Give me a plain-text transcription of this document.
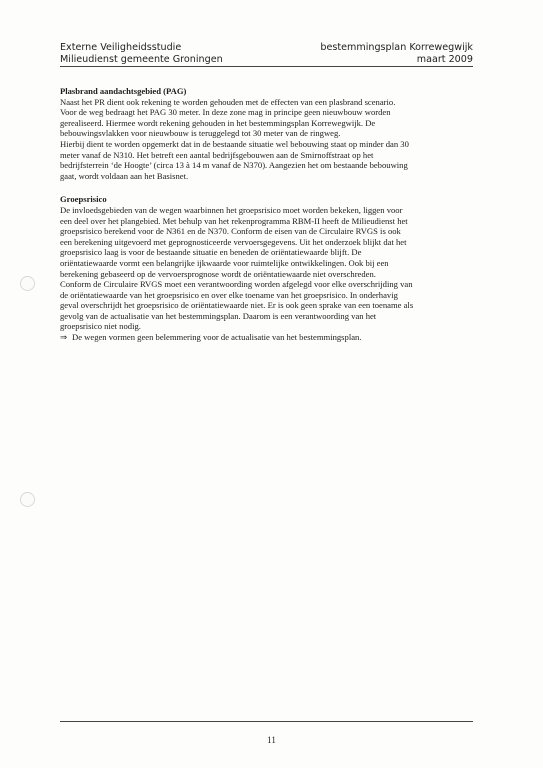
Externe Veiligheidsstudie
Milieudienst gemeente Groningen
bestemmingsplan Korrewegwijk
maart 2009
Plasbrand aandachtsgebied (PAG)
Naast het PR dient ook rekening te worden gehouden met de effecten van een plasbrand scenario.
Voor de weg bedraagt het PAG 30 meter. In deze zone mag in principe geen nieuwbouw worden
gerealiseerd. Hiermee wordt rekening gehouden in het bestemmingsplan Korrewegwijk. De
bebouwingsvlakken voor nieuwbouw is teruggelegd tot 30 meter van de ringweg.
Hierbij dient te worden opgemerkt dat in de bestaande situatie wel bebouwing staat op minder dan 30
meter vanaf de N310. Het betreft een aantal bedrijfsgebouwen aan de Smirnoffstraat op het
bedrijfsterrein ‘de Hoogte’ (circa 13 à 14 m vanaf de N370). Aangezien het om bestaande bebouwing
gaat, wordt voldaan aan het Basisnet.
Groepsrisico
De invloedsgebieden van de wegen waarbinnen het groepsrisico moet worden bekeken, liggen voor
een deel over het plangebied. Met behulp van het rekenprogramma RBM-II heeft de Milieudienst het
groepsrisico berekend voor de N361 en de N370. Conform de eisen van de Circulaire RVGS is ook
een berekening uitgevoerd met geprognosticeerde vervoersgegevens. Uit het onderzoek blijkt dat het
groepsrisico laag is voor de bestaande situatie en beneden de oriëntatiewaarde blijft. De
oriëntatiewaarde vormt een belangrijke ijkwaarde voor ruimtelijke ontwikkelingen. Ook bij een
berekening gebaseerd op de vervoersprognose wordt de oriëntatiewaarde niet overschreden.
Conform de Circulaire RVGS moet een verantwoording worden afgelegd voor elke overschrijding van
de oriëntatiewaarde van het groepsrisico en over elke toename van het groepsrisico. In onderhavig
geval overschrijdt het groepsrisico de oriëntatiewaarde niet. Er is ook geen sprake van een toename als
gevolg van de actualisatie van het bestemmingsplan. Daarom is een verantwoording van het
groepsrisico niet nodig.
⇒ De wegen vormen geen belemmering voor de actualisatie van het bestemmingsplan.
11
